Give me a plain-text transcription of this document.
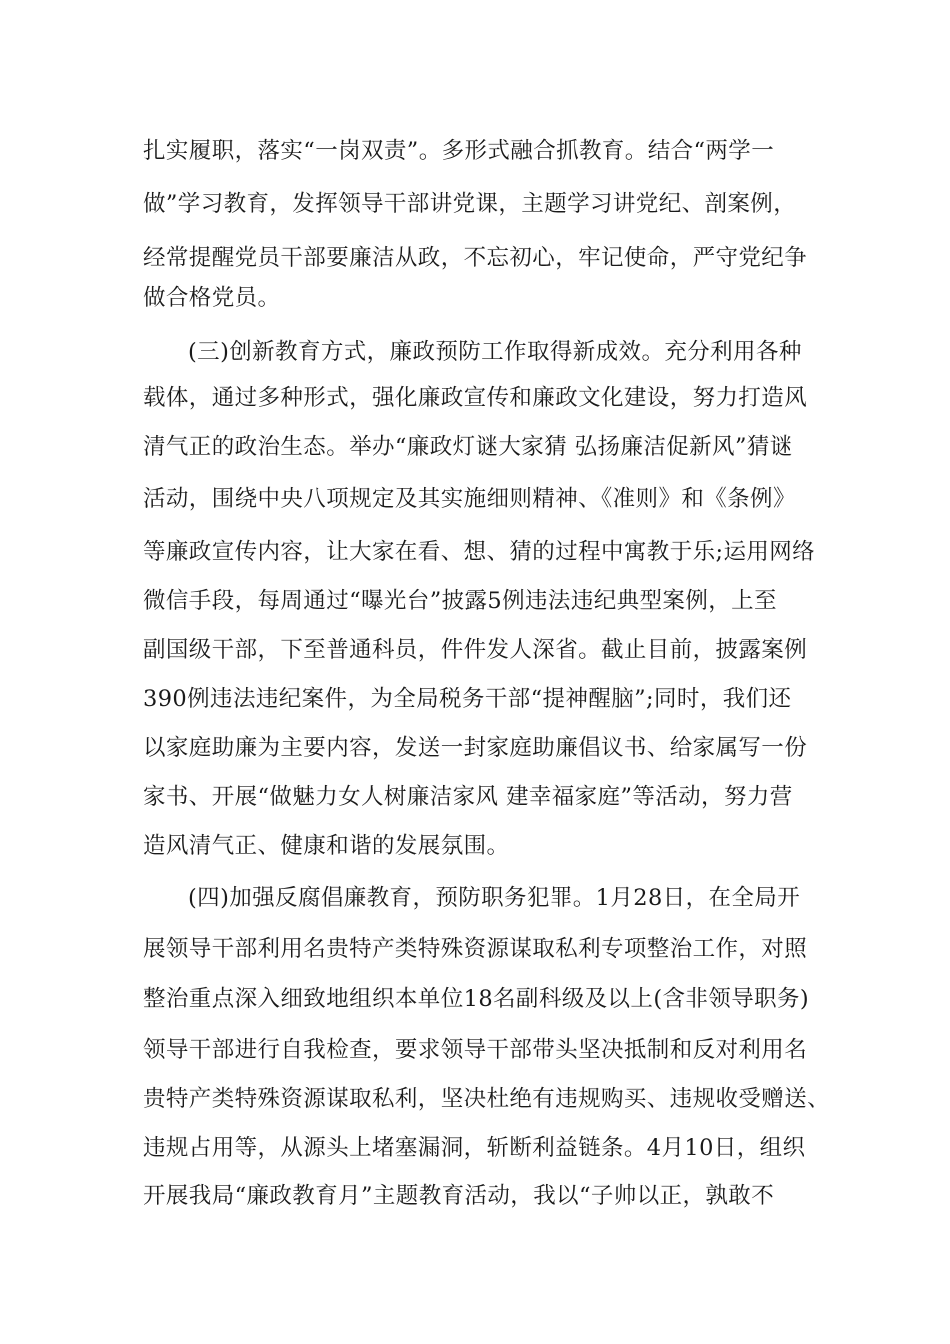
扎实履职，落实“一岗双责”。多形式融合抓教育。结合“两学一
做”学习教育，发挥领导干部讲党课，主题学习讲党纪、剖案例，
经常提醒党员干部要廉洁从政，不忘初心，牢记使命，严守党纪争
做合格党员。
(三)创新教育方式，廉政预防工作取得新成效。充分利用各种
载体，通过多种形式，强化廉政宣传和廉政文化建设，努力打造风
清气正的政治生态。举办“廉政灯谜大家猜 弘扬廉洁促新风”猜谜
活动，围绕中央八项规定及其实施细则精神、《准则》和《条例》
等廉政宣传内容，让大家在看、想、猜的过程中寓教于乐;运用网络
微信手段，每周通过“曝光台”披露5例违法违纪典型案例，上至
副国级干部，下至普通科员，件件发人深省。截止目前，披露案例
390例违法违纪案件，为全局税务干部“提神醒脑”;同时，我们还
以家庭助廉为主要内容，发送一封家庭助廉倡议书、给家属写一份
家书、开展“做魅力女人树廉洁家风 建幸福家庭”等活动，努力营
造风清气正、健康和谐的发展氛围。
(四)加强反腐倡廉教育，预防职务犯罪。1月28日，在全局开
展领导干部利用名贵特产类特殊资源谋取私利专项整治工作，对照
整治重点深入细致地组织本单位18名副科级及以上(含非领导职务)
领导干部进行自我检查，要求领导干部带头坚决抵制和反对利用名
贵特产类特殊资源谋取私利，坚决杜绝有违规购买、违规收受赠送、
违规占用等，从源头上堵塞漏洞，斩断利益链条。4月10日，组织
开展我局“廉政教育月”主题教育活动，我以“子帅以正，孰敢不
